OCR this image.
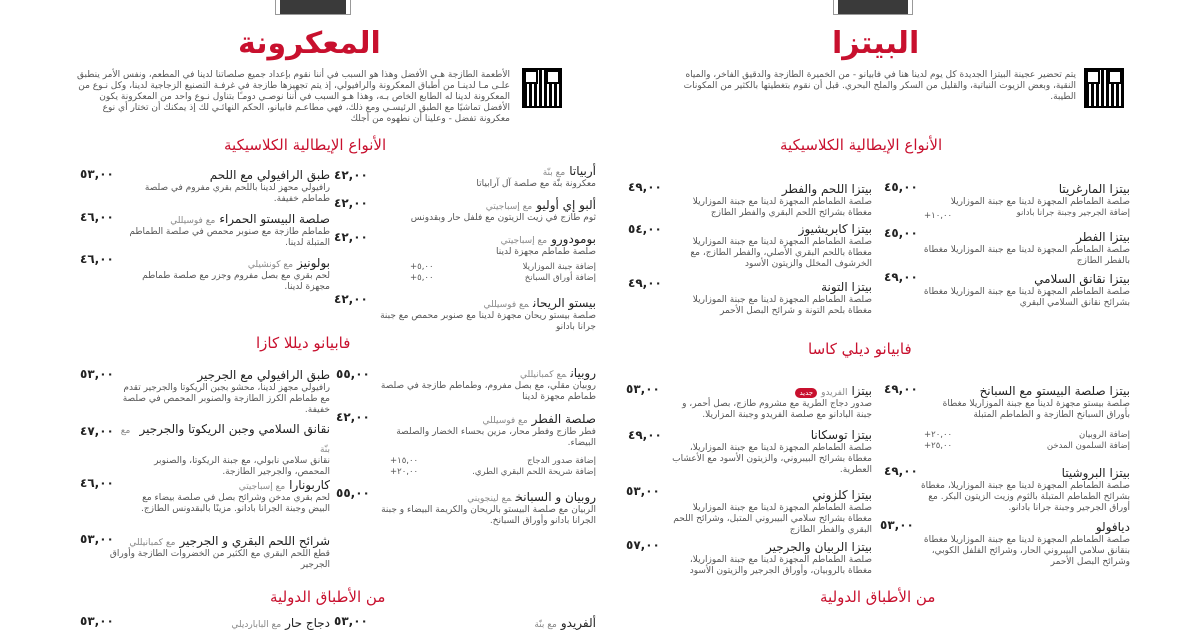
المعكرونة
الأطعمة الطازجة هـي الأفضل وهذا هو السبب في أننا نقوم بإعداد جميع صلصاتنا لدينا في المطعم، ونفس الأمر ينطبق علـى مـا لدينـا من أطباق المعكرونة والرافيولي، إذ يتم تجهيزها طازجة في غرفـة التصنيع الزجاجية لدينا، وكل نـوع من المعكرونة لدينا له الطابع الخاص بـه، وهذا هـو السبب في أننا نوصـي دومـًا بتناول نـوع واحد من المعكرونة يكون الأفضل تماشيًا مع الطبق الرئيسـي ومع ذلك، فهي مطاعـم فابيانو، الحكم النهائـي لك إذ يمكنك أن تختار أي نوع معكرونة تفضل - وعلينا أن نطهوه من أجلك
الأنواع الإيطالية الكلاسيكية
أربياتامع بنّة
معكرونة بنّة مع صلصة آل آرابياتا
٤٢,٠٠
ألبو إي أوليومع إسباجيتي
ثوم طازج في زيت الزيتون مع فلفل حار وبقدونس
٤٢,٠٠
بومودورومع إسباجيتي
صلصة طماطم مجهزة لدينا
٤٢,٠٠
إضافة جبنة الموزاريلا
إضافة أوراق السبانخ
+٥,٠٠
+٥,٠٠
بيستو الريحانمع فوسيللي
صلصة بيستو ريحان مجهزة لدينا مع صنوبر محمص مع جبنة جرانا بادانو
٤٢,٠٠
طبق الرافيولي مع اللحم
رافيولي محهز لدينا باللحم بقري مفروم في صلصة طماطم خفيفة.
٥٣,٠٠
صلصة البيستو الحمراءمع فوسيللي
طماطم طازجة مع صنوبر محمص في صلصة الطماطم المتبلة لدينا.
٤٦,٠٠
بولونيزمع كونشيلي
لحم بقري مع بصل مفروم وجزر مع صلصة طماطم مجهزة لدينا.
٤٦,٠٠
فابيانو ديللا كازا
روبيانمع كمبانيللي
روبيان مقلي، مع بصل مفروم، وطماطم طازجة في صلصة طماطم مجهزة لدينا
٥٥,٠٠
صلصة الفطرمع فوسيللي
فطر طازج وفطر محار، مزين بحساء الخضار والصلصة البيضاء.
٤٢,٠٠
إضافة صدور الدجاج
إضافة شريحة اللحم البقري الطري.
+١٥,٠٠
+٢٠,٠٠
روبيان و السبانخمع لينجويني
الربيان مع صلصة البيستو بالريحان والكريمة البيضاء و جبنة الجرانا بادانو وأوراق السبانخ.
٥٥,٠٠
طبق الرافيولي مع الجرجير
رافيولي مجهز لدينا، محشو بجبن الريكوتا والجرجير تقدم مع طماطم الكرز الطازجة والصنوبر المحمص في صلصة خفيفة.
٥٣,٠٠
نقانق السلامي وجبن الريكوتا والجرجير مع بنّة
نقانق سلامي نابولي، مع جبنة الريكوتا، والصنوبر المحمص، والجرجير الطازجة.
٤٧,٠٠
كاربونارامع إسباجيتي
لحم بقري مدخن وشرائح بصل في صلصة بيضاء مع البيض وجبنة الجرانا بادانو. مزينًا بالبقدونس الطازج.
٤٦,٠٠
شرائح اللحم البقري و الجرجيرمع كمبانيللي
قطع اللحم البقري مع الكثير من الخضروات الطازجة وأوراق الجرجير
٥٣,٠٠
من الأطباق الدولية
ألفريدومع بنّة
٥٣,٠٠
دجاج حارمع الباباردیلي
٥٣,٠٠
البيتزا
يتم تحضير عجينة البيتزا الجديدة كل يوم لدينا هنا في فابيانو - من الخميرة الطازجة والدقيق الفاخر، والمياه النقية، وبعض الزيوت النباتية، والقليل من السكر والملح البحري. قبل أن نقوم بتغطيتها بالكثير من المكونات الطيبة.
الأنواع الإيطالية الكلاسيكية
بيتزا المارغريتا
صلصة الطماطم المجهزة لدينا مع جبنة الموزاريلا
إضافة الجرجير وجبنة جرانا بادانو
٤٥,٠٠
+١٠,٠٠
بيتزا الفطر
صلصة الطماطم المجهزة لدينا مع جبنة الموزاريلا مغطاة بالفطر الطازج
٤٥,٠٠
بيتزا نقانق السلامي
صلصة الطماطم المجهزة لدينا مع جبنة الموزاريلا مغطاة بشرائح نقانق السلامي البقري
٤٩,٠٠
بيتزا اللحم والفطر
صلصة الطماطم المجهزة لدينا مع جبنة الموزاريلا مغطاة بشرائح اللحم البقري والفطر الطازج
٤٩,٠٠
بيتزا كابريشيوز
صلصة الطماطم المجهزة لدينا مع جبنة الموزاريلا مغطاة باللحم البقري الأصلي، والفطر الطازج، مع الخرشوف المخلل والزيتون الأسود
٥٤,٠٠
بيتزا التونة
صلصة الطماطم المجهزة لدينا مع جبنة الموزاريلا مغطاة بلحم التونة و شرائح البصل الأحمر
٤٩,٠٠
فابيانو ديلي كاسا
بيتزا صلصة البيستو مع السبانخ
صلصة بيستو مجهزة لدينا مع جبنة الموزاريلا مغطاة بأوراق السبانخ الطازجة و الطماطم المتبلة
٤٩,٠٠
إضافة الروبيان
إضافة السلمون المدخن
+٢٠,٠٠
+٢٥,٠٠
بيتزا البروشيتا
صلصة الطماطم المجهزة لدينا مع جبنة الموزاريلا، مغطاة بشرائح الطماطم المتبلة بالثوم وزيت الزيتون البكر. مع أوراق الجرجير وجبنة جرانا بادانو.
٤٩,٠٠
ديافولو
صلصة الطماطم المجهزة لدينا مع جبنة الموزاريلا مغطاة بنقانق سلامي البيبروني الحار، وشرائح الفلفل الكوبي، وشرائح البصل الأحمر
٥٣,٠٠
بيتزاالفريدوجديد
صدور دجاج الطرية مع مشروم طازج، بصل أحمر، و جبنة البادانو مع صلصة الفريدو وجبنة المزاريلا.
٥٣,٠٠
بيتزا توسكانا
صلصة الطماطم المجهزة لدينا مع جبنة الموزاريلا، مغطاة بشرائح البيبروني، والزيتون الأسود مع الأعشاب العطرية.
٤٩,٠٠
بيتزا كلزوني
صلصة الطماطم المجهزة لدينا مع جبنة الموزاريلا مغطاة بشرائح سلامي البيبروني المتبل، وشرائح اللحم البقري والفطر الطازج
٥٣,٠٠
بيتزا الربيان والجرجير
صلصة الطماطم المجهزة لدينا مع جبنة الموزاريلا، مغطاة بالروبيان، وأوراق الجرجير والزيتون الأسود
٥٧,٠٠
من الأطباق الدولية
